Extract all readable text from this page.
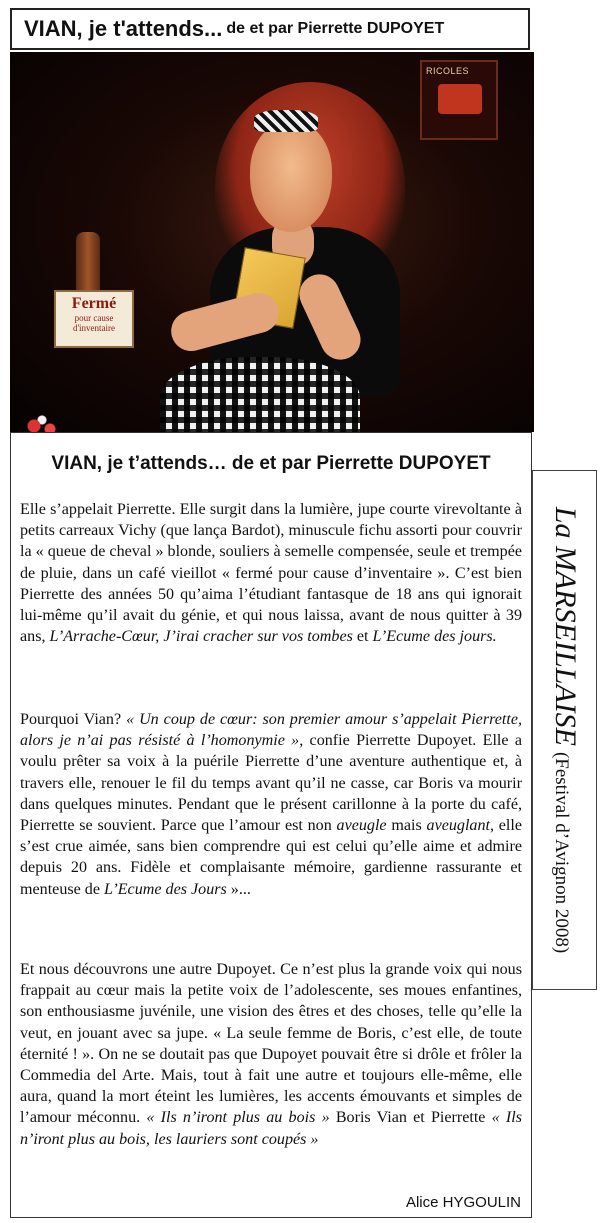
VIAN, je t'attends... de et par Pierrette DUPOYET
RICOLES
Fermé
pour cause
d'inventaire
VIAN, je t’attends… de et par Pierrette DUPOYET
Elle s’appelait Pierrette. Elle surgit dans la lumière, jupe courte virevoltante à petits carreaux Vichy (que lança Bardot), minuscule fichu assorti pour couvrir la « queue de cheval » blonde, souliers à semelle compensée, seule et trempée de pluie, dans un café vieillot « fermé pour cause d’inventaire ». C’est bien Pierrette des années 50 qu’aima l’étudiant fantasque de 18 ans qui ignorait lui-même qu’il avait du génie, et qui nous laissa, avant de nous quitter à 39 ans, L’Arrache-Cœur, J’irai cracher sur vos tombes et L’Ecume des jours.
Pourquoi Vian? « Un coup de cœur: son premier amour s’appelait Pierrette, alors je n’ai pas résisté à l’homonymie », confie Pierrette Dupoyet. Elle a voulu prêter sa voix à la puérile Pierrette d’une aventure authentique et, à travers elle, renouer le fil du temps avant qu’il ne casse, car Boris va mourir dans quelques minutes. Pendant que le présent carillonne à la porte du café, Pierrette se souvient. Parce que l’amour est non aveugle mais aveuglant, elle s’est crue aimée, sans bien comprendre qui est celui qu’elle aime et admire depuis 20 ans. Fidèle et complaisante mémoire, gardienne rassurante et menteuse de L’Ecume des Jours »...
Et nous découvrons une autre Dupoyet. Ce n’est plus la grande voix qui nous frappait au cœur mais la petite voix de l’adolescente, ses moues enfantines, son enthousiasme juvénile, une vision des êtres et des choses, telle qu’elle la veut, en jouant avec sa jupe. « La seule femme de Boris, c’est elle, de toute éternité ! ». On ne se doutait pas que Dupoyet pouvait être si drôle et frôler la Commedia del Arte. Mais, tout à fait une autre et toujours elle-même, elle aura, quand la mort éteint les lumières, les accents émouvants et simples de l’amour méconnu. « Ils n’iront plus au bois » Boris Vian et Pierrette « Ils n’iront plus au bois, les lauriers sont coupés »
Alice HYGOULIN
La MARSEILLAISE(Festival d’Avignon 2008)
